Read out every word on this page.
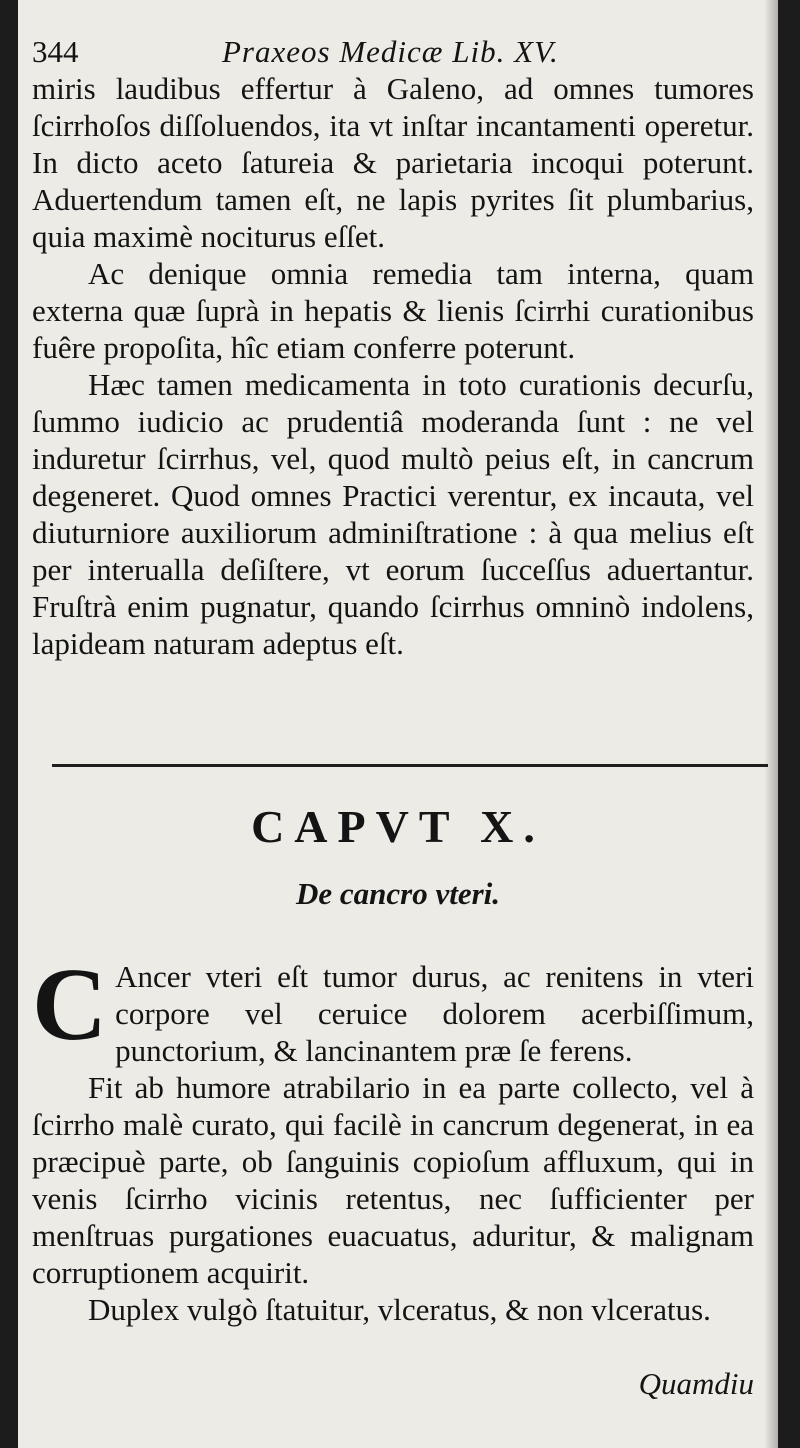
344	Praxeos Medicæ Lib. XV.

miris laudibus effertur à Galeno, ad omnes tumores ſcirrhoſos diſſoluendos, ita vt inſtar incantamenti operetur. In dicto aceto ſatureia & parietaria incoqui poterunt. Aduertendum tamen eſt, ne lapis pyrites ſit plumbarius, quia maximè nociturus eſſet.

Ac denique omnia remedia tam interna, quam externa quæ ſuprà in hepatis & lienis ſcirrhi curationibus fuêre propoſita, hîc etiam conferre poterunt.

Hæc tamen medicamenta in toto curationis decurſu, ſummo iudicio ac prudentiâ moderanda ſunt : ne vel induretur ſcirrhus, vel, quod multò peius eſt, in cancrum degeneret. Quod omnes Practici verentur, ex incauta, vel diuturniore auxiliorum adminiſtratione : à qua melius eſt per interualla deſiſtere, vt eorum ſucceſſus aduertantur. Fruſtrà enim pugnatur, quando ſcirrhus omninò indolens, lapideam naturam adeptus eſt.

CAPVT X.
De cancro vteri.

C Ancer vteri eſt tumor durus, ac renitens in vteri corpore vel ceruice dolorem acerbiſſimum, punctorium, & lancinantem præ ſe ferens.

Fit ab humore atrabilario in ea parte collecto, vel à ſcirrho malè curato, qui facilè in cancrum degenerat, in ea præcipuè parte, ob ſanguinis copioſum affluxum, qui in venis ſcirrho vicinis retentus, nec ſufficienter per menſtruas purgationes euacuatus, aduritur, & malignam corruptionem acquirit.

Duplex vulgò ſtatuitur, vlceratus, & non vlceratus.

Quamdiu
